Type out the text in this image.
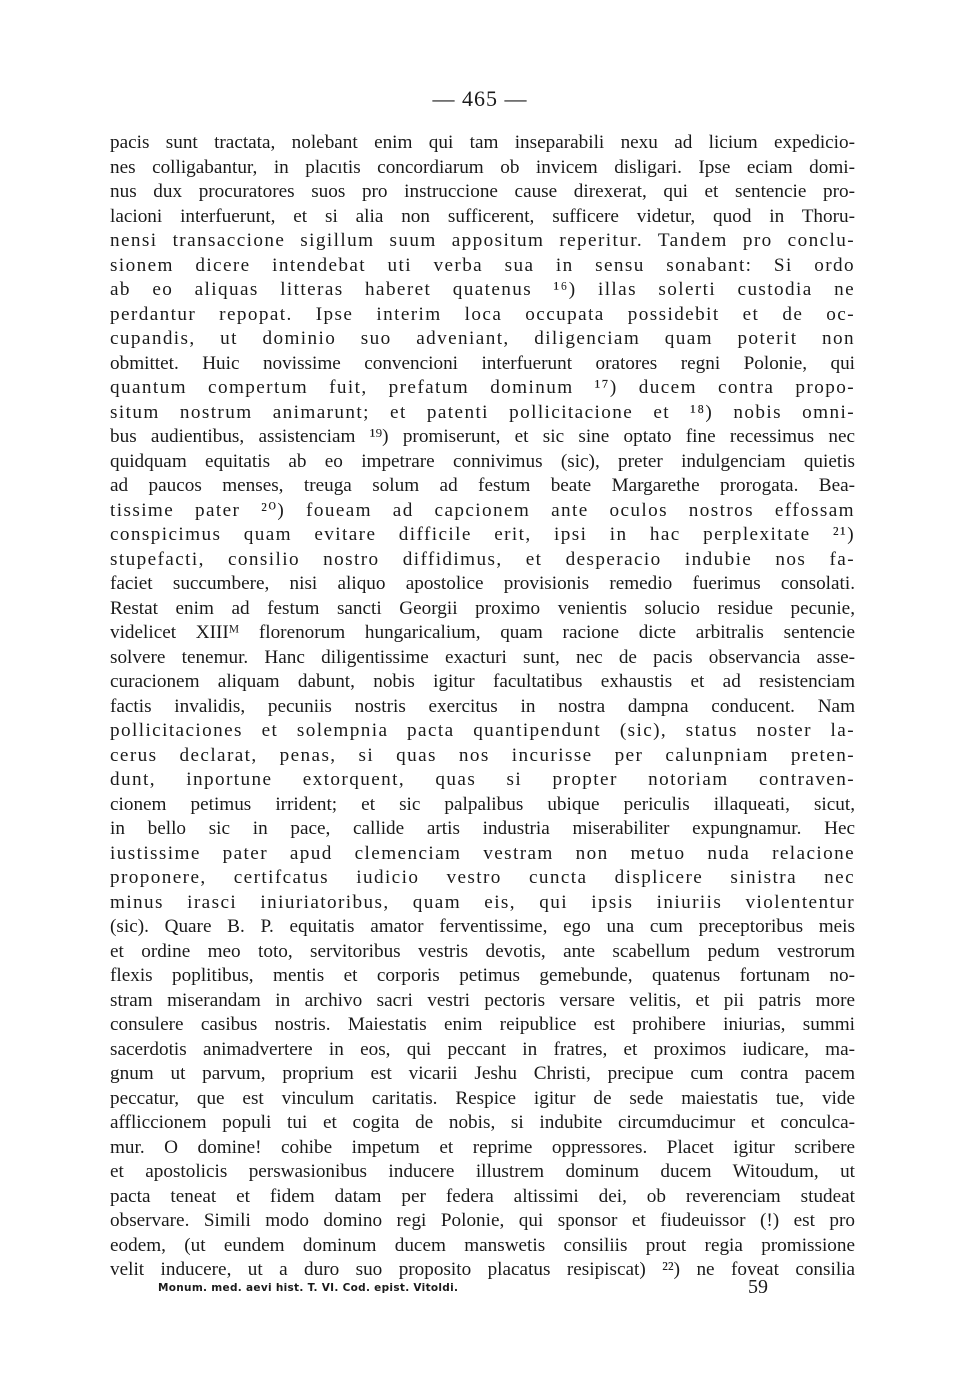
— 465 —
pacis sunt tractata, nolebant enim qui tam inseparabili nexu ad licium expedicio-
nes colligabantur, in placıtis concordiarum ob invicem disligari. Ipse eciam domi-
nus dux procuratores suos pro instruccione cause direxerat, qui et sentencie pro-
lacioni interfuerunt, et si alia non sufficerent, sufficere videtur, quod in Thoru-
nensi transaccione sigillum suum appositum reperitur. Tandem pro conclu-
sionem dicere intendebat uti verba sua in sensu sonabant: Si ordo
ab eo aliquas litteras haberet quatenus ¹⁶) illas solerti custodia ne
perdantur repopat. Ipse interim loca occupata possidebit et de oc-
cupandis, ut dominio suo adveniant, diligenciam quam poterit non
obmittet. Huic novissime convencioni interfuerunt oratores regni Polonie, qui
quantum compertum fuit, prefatum dominum ¹⁷) ducem contra propo-
situm nostrum animarunt; et patenti pollicitacione et ¹⁸) nobis omni-
bus audientibus, assistenciam ¹⁹) promiserunt, et sic sine optato fine recessimus nec
quidquam equitatis ab eo impetrare connivimus (sic), preter indulgenciam quietis
ad paucos menses, treuga solum ad festum beate Margarethe prorogata. Bea-
tissime pater ²⁰) foueam ad capcionem ante oculos nostros effossam
conspicimus quam evitare difficile erit, ipsi in hac perplexitate ²¹)
stupefacti, consilio nostro diffidimus, et desperacio indubie nos fa-
faciet succumbere, nisi aliquo apostolice provisionis remedio fuerimus consolati.
Restat enim ad festum sancti Georgii proximo venientis solucio residue pecunie,
videlicet XIIIᴹ florenorum hungaricalium, quam racione dicte arbitralis sentencie
solvere tenemur. Hanc diligentissime exacturi sunt, nec de pacis observancia asse-
curacionem aliquam dabunt, nobis igitur facultatibus exhaustis et ad resistenciam
factis invalidis, pecuniis nostris exercitus in nostra dampna conducent. Nam
pollicitaciones et solempnia pacta quantipendunt (sic), status noster la-
cerus declarat, penas, si quas nos incurisse per calunpniam preten-
dunt, inportune extorquent, quas si propter notoriam contraven-
cionem petimus irrident; et sic palpalibus ubique periculis illaqueati, sicut,
in bello sic in pace, callide artis industria miserabiliter expungnamur. Hec
iustissime pater apud clemenciam vestram non metuo nuda relacione
proponere, certifcatus iudicio vestro cuncta displicere sinistra nec
minus irasci iniuriatoribus, quam eis, qui ipsis iniuriis violententur
(sic). Quare B. P. equitatis amator ferventissime, ego una cum preceptoribus meis
et ordine meo toto, servitoribus vestris devotis, ante scabellum pedum vestrorum
flexis poplitibus, mentis et corporis petimus gemebunde, quatenus fortunam no-
stram miserandam in archivo sacri vestri pectoris versare velitis, et pii patris more
consulere casibus nostris. Maiestatis enim reipublice est prohibere iniurias, summi
sacerdotis animadvertere in eos, qui peccant in fratres, et proximos iudicare, ma-
gnum ut parvum, proprium est vicarii Jeshu Christi, precipue cum contra pacem
peccatur, que est vinculum caritatis. Respice igitur de sede maiestatis tue, vide
affliccionem populi tui et cogita de nobis, si indubite circumducimur et conculca-
mur. O domine! cohibe impetum et reprime oppressores. Placet igitur scribere
et apostolicis perswasionibus inducere illustrem dominum ducem Witoudum, ut
pacta teneat et fidem datam per federa altissimi dei, ob reverenciam studeat
observare. Simili modo domino regi Polonie, qui sponsor et fiudeuissor (!) est pro
eodem, (ut eundem dominum ducem manswetis consiliis prout regia promissione
velit inducere, ut a duro suo proposito placatus resipiscat) ²²) ne foveat consilia
Monum. med. aevi hist. T. VI. Cod. epist. Vitoldi.	59
